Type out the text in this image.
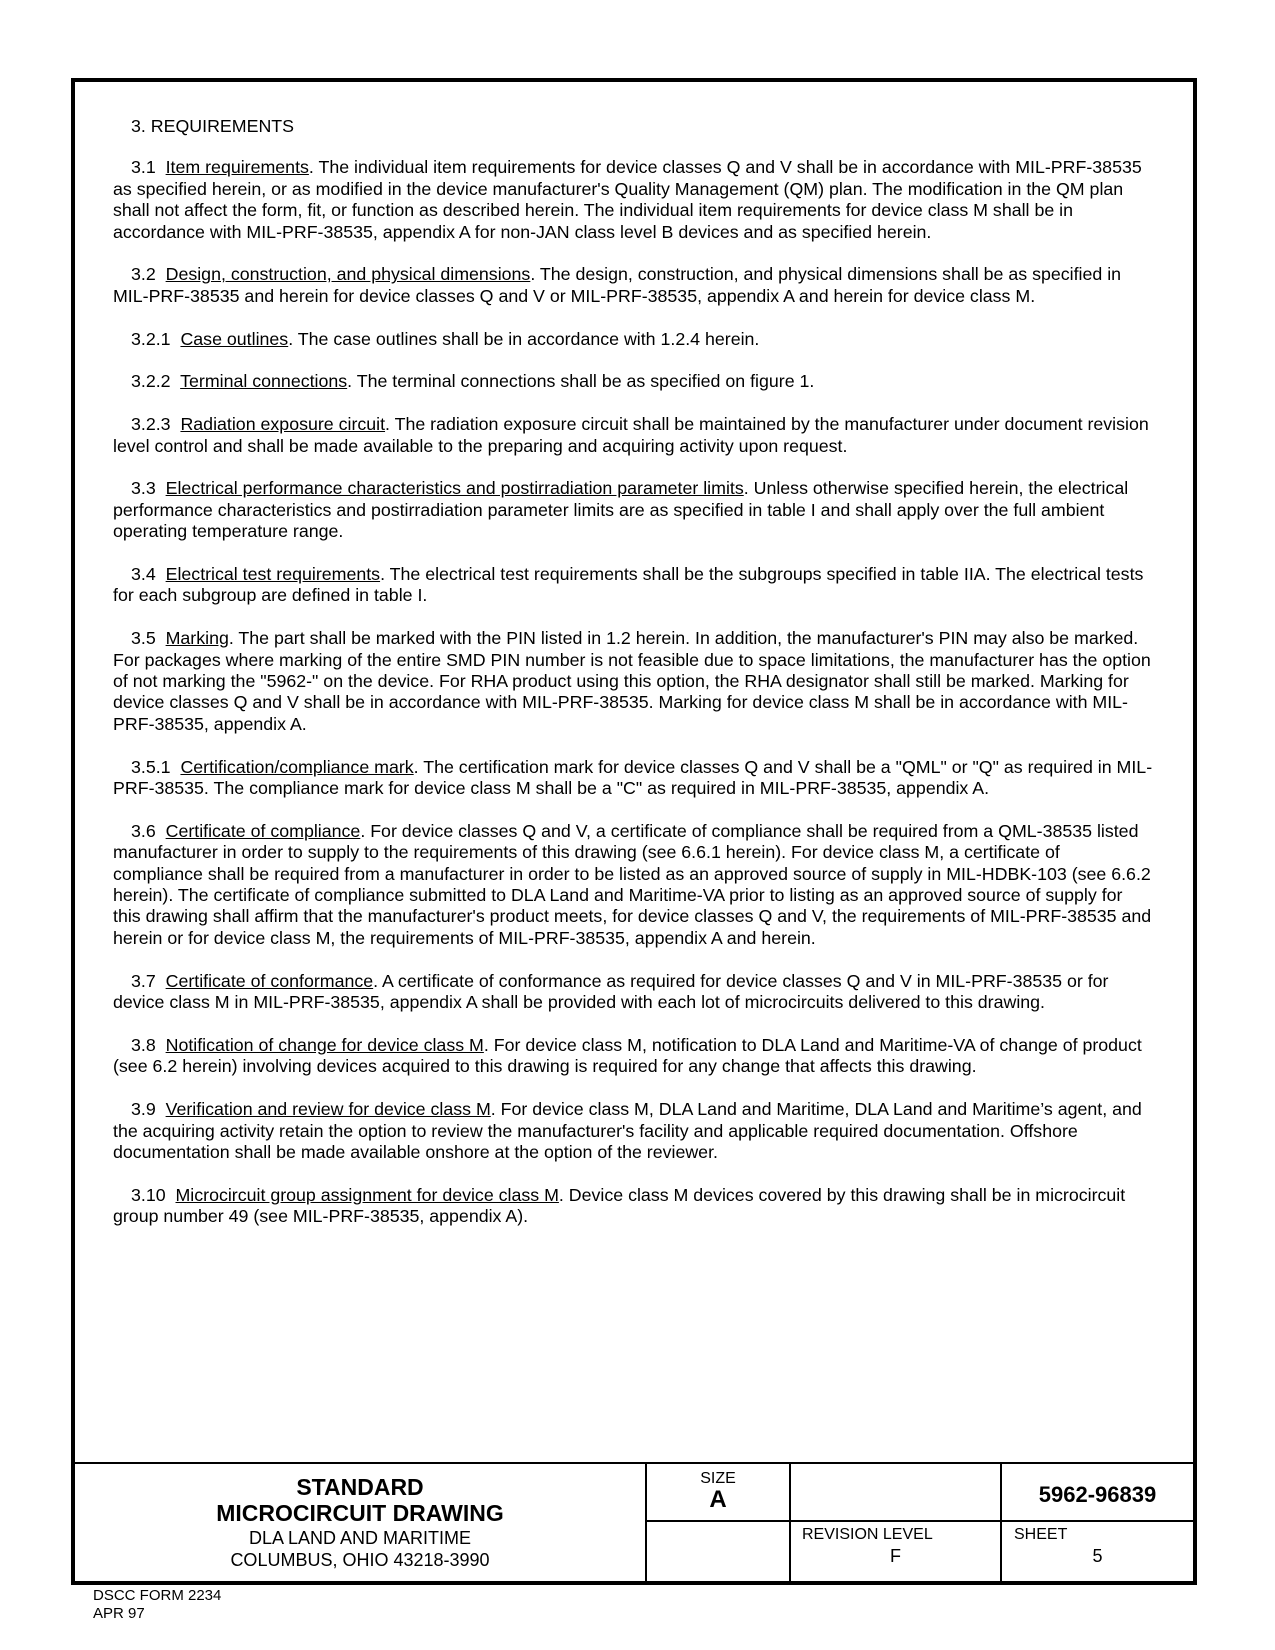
3. REQUIREMENTS
3.1 Item requirements. The individual item requirements for device classes Q and V shall be in accordance with MIL-PRF-38535 as specified herein, or as modified in the device manufacturer's Quality Management (QM) plan. The modification in the QM plan shall not affect the form, fit, or function as described herein. The individual item requirements for device class M shall be in accordance with MIL-PRF-38535, appendix A for non-JAN class level B devices and as specified herein.
3.2 Design, construction, and physical dimensions. The design, construction, and physical dimensions shall be as specified in MIL-PRF-38535 and herein for device classes Q and V or MIL-PRF-38535, appendix A and herein for device class M.
3.2.1 Case outlines. The case outlines shall be in accordance with 1.2.4 herein.
3.2.2 Terminal connections. The terminal connections shall be as specified on figure 1.
3.2.3 Radiation exposure circuit. The radiation exposure circuit shall be maintained by the manufacturer under document revision level control and shall be made available to the preparing and acquiring activity upon request.
3.3 Electrical performance characteristics and postirradiation parameter limits. Unless otherwise specified herein, the electrical performance characteristics and postirradiation parameter limits are as specified in table I and shall apply over the full ambient operating temperature range.
3.4 Electrical test requirements. The electrical test requirements shall be the subgroups specified in table IIA. The electrical tests for each subgroup are defined in table I.
3.5 Marking. The part shall be marked with the PIN listed in 1.2 herein. In addition, the manufacturer's PIN may also be marked. For packages where marking of the entire SMD PIN number is not feasible due to space limitations, the manufacturer has the option of not marking the "5962-" on the device. For RHA product using this option, the RHA designator shall still be marked. Marking for device classes Q and V shall be in accordance with MIL-PRF-38535. Marking for device class M shall be in accordance with MIL-PRF-38535, appendix A.
3.5.1 Certification/compliance mark. The certification mark for device classes Q and V shall be a "QML" or "Q" as required in MIL-PRF-38535. The compliance mark for device class M shall be a "C" as required in MIL-PRF-38535, appendix A.
3.6 Certificate of compliance. For device classes Q and V, a certificate of compliance shall be required from a QML-38535 listed manufacturer in order to supply to the requirements of this drawing (see 6.6.1 herein). For device class M, a certificate of compliance shall be required from a manufacturer in order to be listed as an approved source of supply in MIL-HDBK-103 (see 6.6.2 herein). The certificate of compliance submitted to DLA Land and Maritime-VA prior to listing as an approved source of supply for this drawing shall affirm that the manufacturer's product meets, for device classes Q and V, the requirements of MIL-PRF-38535 and herein or for device class M, the requirements of MIL-PRF-38535, appendix A and herein.
3.7 Certificate of conformance. A certificate of conformance as required for device classes Q and V in MIL-PRF-38535 or for device class M in MIL-PRF-38535, appendix A shall be provided with each lot of microcircuits delivered to this drawing.
3.8 Notification of change for device class M. For device class M, notification to DLA Land and Maritime-VA of change of product (see 6.2 herein) involving devices acquired to this drawing is required for any change that affects this drawing.
3.9 Verification and review for device class M. For device class M, DLA Land and Maritime, DLA Land and Maritime’s agent, and the acquiring activity retain the option to review the manufacturer's facility and applicable required documentation. Offshore documentation shall be made available onshore at the option of the reviewer.
3.10 Microcircuit group assignment for device class M. Device class M devices covered by this drawing shall be in microcircuit group number 49 (see MIL-PRF-38535, appendix A).
STANDARD
MICROCIRCUIT DRAWING
DLA LAND AND MARITIME
COLUMBUS, OHIO 43218-3990
SIZE
A	5962-96839
REVISION LEVEL
F
SHEET
5
DSCC FORM 2234
APR 97
